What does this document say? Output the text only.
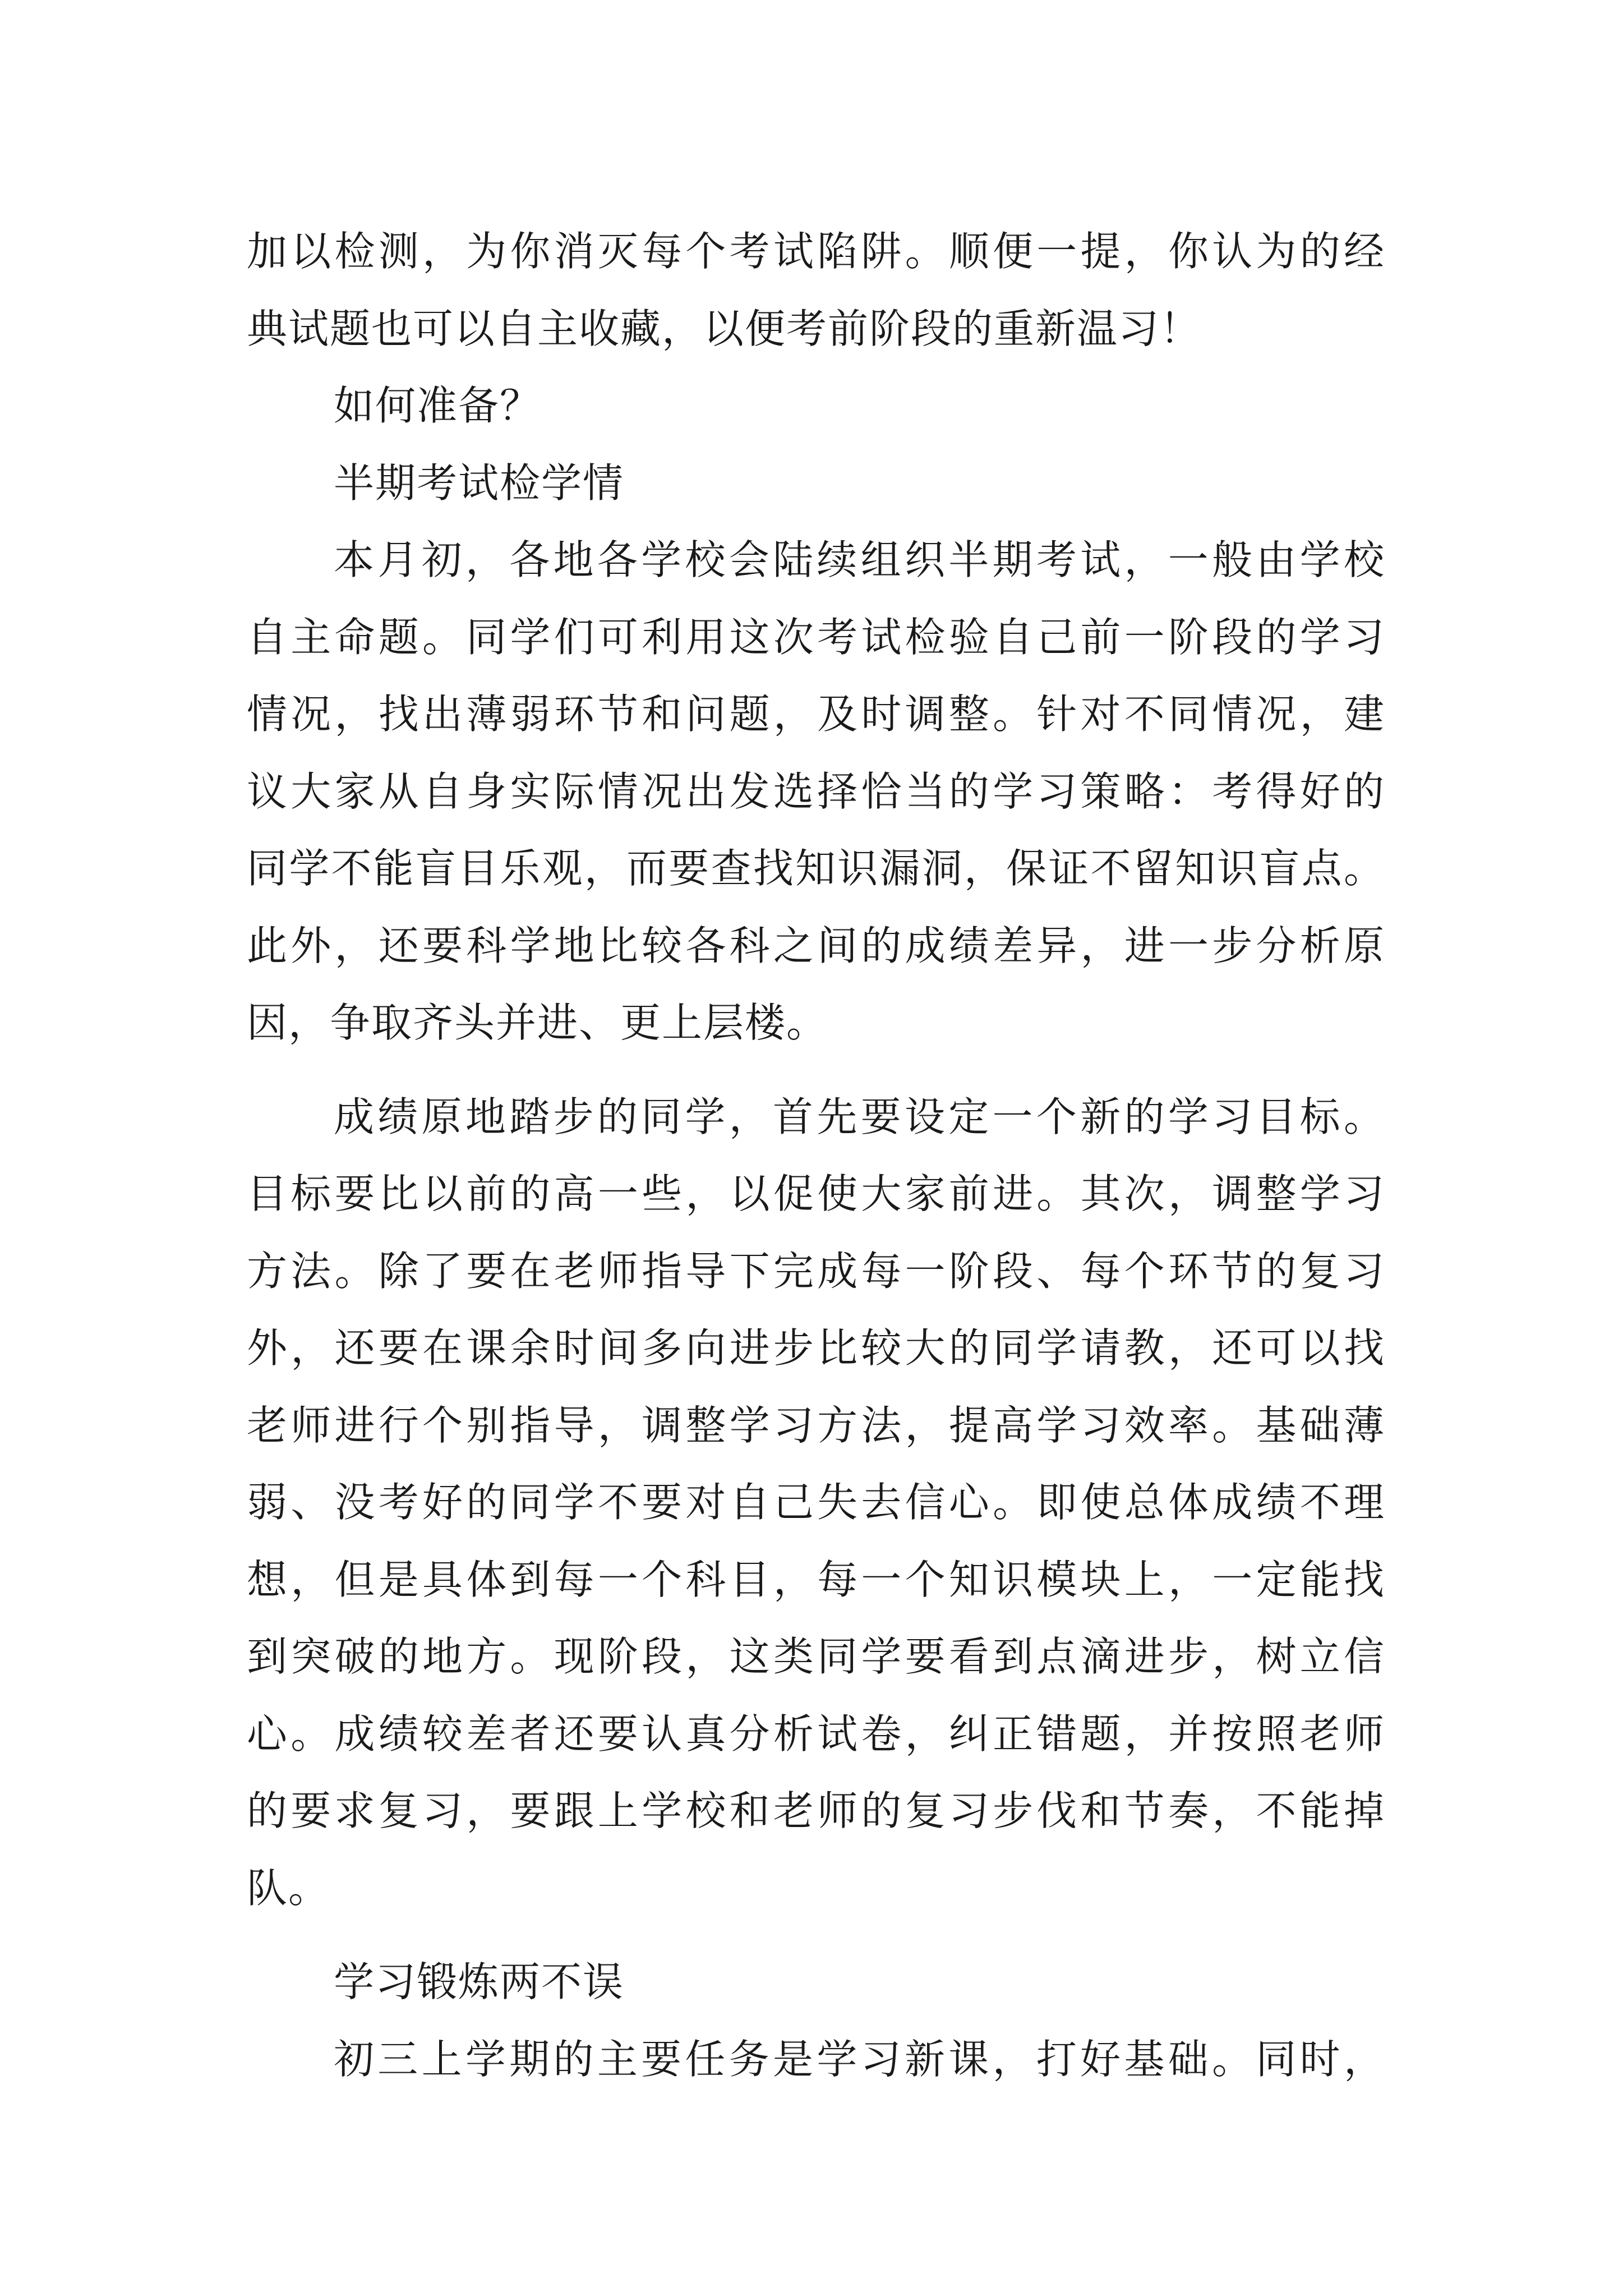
加以检测，为你消灭每个考试陷阱。顺便一提，你认为的经
典试题也可以自主收藏，以便考前阶段的重新温习！
如何准备？
半期考试检学情
本月初，各地各学校会陆续组织半期考试，一般由学校
自主命题。同学们可利用这次考试检验自己前一阶段的学习
情况，找出薄弱环节和问题，及时调整。针对不同情况，建
议大家从自身实际情况出发选择恰当的学习策略：考得好的
同学不能盲目乐观，而要查找知识漏洞，保证不留知识盲点。
此外，还要科学地比较各科之间的成绩差异，进一步分析原
因，争取齐头并进、更上层楼。
成绩原地踏步的同学，首先要设定一个新的学习目标。
目标要比以前的高一些，以促使大家前进。其次，调整学习
方法。除了要在老师指导下完成每一阶段、每个环节的复习
外，还要在课余时间多向进步比较大的同学请教，还可以找
老师进行个别指导，调整学习方法，提高学习效率。基础薄
弱、没考好的同学不要对自己失去信心。即使总体成绩不理
想，但是具体到每一个科目，每一个知识模块上，一定能找
到突破的地方。现阶段，这类同学要看到点滴进步，树立信
心。成绩较差者还要认真分析试卷，纠正错题，并按照老师
的要求复习，要跟上学校和老师的复习步伐和节奏，不能掉
队。
学习锻炼两不误
初三上学期的主要任务是学习新课，打好基础。同时，
